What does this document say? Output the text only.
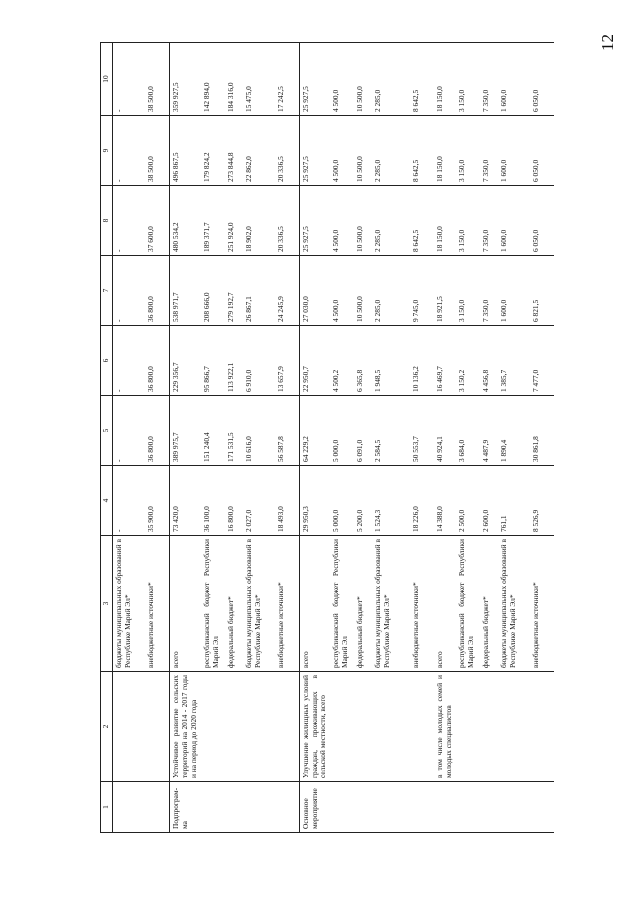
12
1	2	3	4	5	6	7	8	9	10
		бюджеты муниципальных образований в Республике Марий Эл*	-	-	-	-	-	-	-
		внебюджетные источники*	35 900,0	36 800,0	36 800,0	36 800,0	37 600,0	38 500,0	38 500,0
Подпрограм-ма	Устойчивое развитие сельских территорий на 2014 - 2017 годы и на период до 2020 года	всего	73 420,0	389 975,7	229 356,7	538 971,7	480 534,2	496 867,5	359 927,5
		республиканский бюджет Республики Марий Эл	36 100,0	151 240,4	95 866,7	208 666,0	189 371,7	179 824,2	142 894,0
		федеральный бюджет*	16 800,0	171 531,5	113 922,1	279 192,7	251 924,0	273 844,8	184 316,0
		бюджеты муниципальных образований в Республике Марий Эл*	2 027,0	10 616,0	6 910,0	26 867,1	18 902,0	22 862,0	15 475,0
		внебюджетные источники*	18 493,0	56 587,8	13 657,9	24 245,9	20 336,5	20 336,5	17 242,5
Основное мероприятие	Улучшение жилищных условий граждан, проживающих в сельской местности, всего	всего	29 950,3	64 229,2	22 950,7	27 030,0	25 927,5	25 927,5	25 927,5
		республиканский бюджет Республики Марий Эл	5 000,0	5 000,0	4 500,2	4 500,0	4 500,0	4 500,0	4 500,0
		федеральный бюджет*	5 200,0	6 091,0	6 365,8	10 500,0	10 500,0	10 500,0	10 500,0
		бюджеты муниципальных образований в Республике Марий Эл*	1 524,3	2 584,5	1 948,5	2 285,0	2 285,0	2 285,0	2 285,0
		внебюджетные источники*	18 226,0	50 553,7	10 136,2	9 745,0	8 642,5	8 642,5	8 642,5
	в том числе молодых семей и молодых специалистов	всего	14 388,0	40 924,1	16 469,7	18 921,5	18 150,0	18 150,0	18 150,0
		республиканский бюджет Республики Марий Эл	2 500,0	3 684,0	3 150,2	3 150,0	3 150,0	3 150,0	3 150,0
		федеральный бюджет*	2 600,0	4 487,9	4 456,8	7 350,0	7 350,0	7 350,0	7 350,0
		бюджеты муниципальных образований в Республике Марий Эл*	761,1	1 890,4	1 385,7	1 600,0	1 600,0	1 600,0	1 600,0
		внебюджетные источники*	8 526,9	30 861,8	7 477,0	6 821,5	6 050,0	6 050,0	6 050,0
